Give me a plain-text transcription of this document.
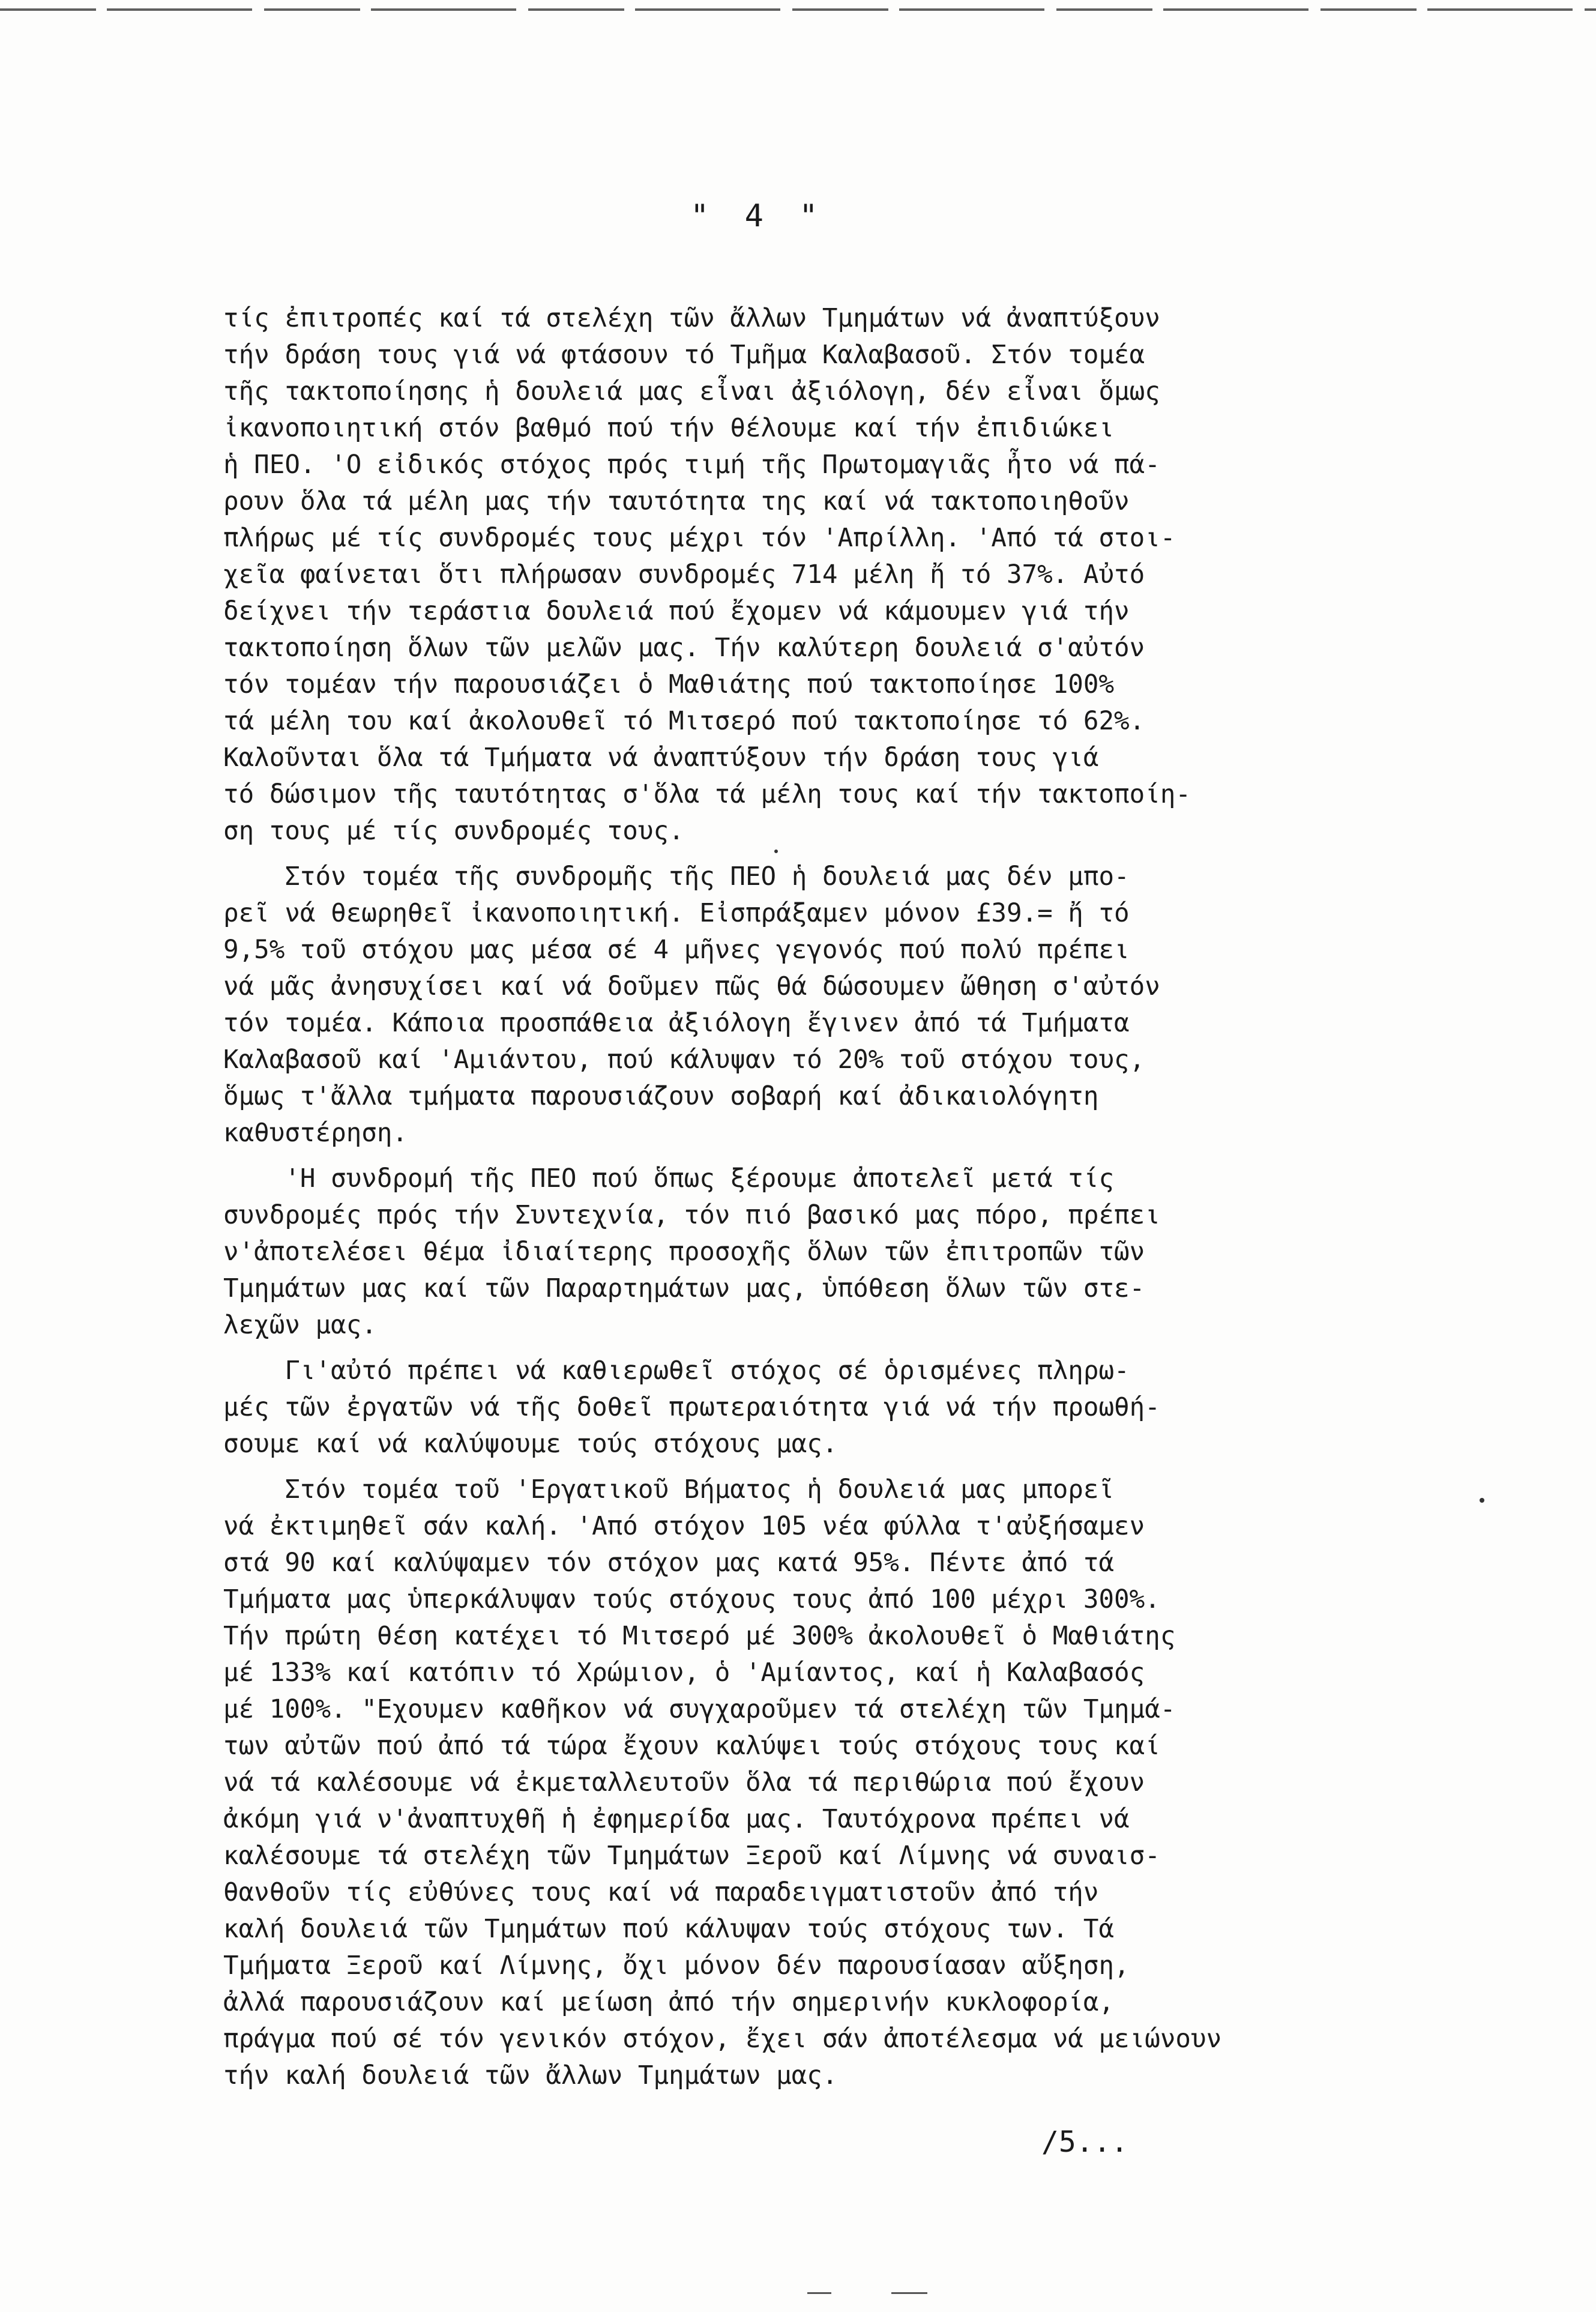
" 4 "
τίς ἐπιτροπές καί τά στελέχη τῶν ἄλλων Τμημάτων νά ἀναπτύξουν
τήν δράση τους γιά νά φτάσουν τό Τμῆμα Καλαβασοῦ. Στόν τομέα
τῆς τακτοποίησης ἡ δουλειά μας εἶναι ἀξιόλογη, δέν εἶναι ὅμως
ἰκανοποιητική στόν βαθμό πού τήν θέλουμε καί τήν ἐπιδιώκει
ἡ ΠΕΟ. 'Ο εἰδικός στόχος πρός τιμή τῆς Πρωτομαγιᾶς ἦτο νά πά-
ρουν ὅλα τά μέλη μας τήν ταυτότητα της καί νά τακτοποιηθοῦν
πλήρως μέ τίς συνδρομές τους μέχρι τόν 'Απρίλλη. 'Από τά στοι-
χεῖα φαίνεται ὅτι πλήρωσαν συνδρομές 714 μέλη ἤ τό 37%. Αὐτό
δείχνει τήν τεράστια δουλειά πού ἔχομεν νά κάμουμεν γιά τήν
τακτοποίηση ὅλων τῶν μελῶν μας. Τήν καλύτερη δουλειά σ'αὐτόν
τόν τομέαν τήν παρουσιάζει ὁ Μαθιάτης πού τακτοποίησε 100%
τά μέλη του καί ἀκολουθεῖ τό Μιτσερό πού τακτοποίησε τό 62%.
Καλοῦνται ὅλα τά Τμήματα νά ἀναπτύξουν τήν δράση τους γιά
τό δώσιμον τῆς ταυτότητας σ'ὅλα τά μέλη τους καί τήν τακτοποίη-
ση τους μέ τίς συνδρομές τους.
Στόν τομέα τῆς συνδρομῆς τῆς ΠΕΟ ἡ δουλειά μας δέν μπο-
ρεῖ νά θεωρηθεῖ ἰκανοποιητική. Εἰσπράξαμεν μόνον £39.= ἤ τό
9,5% τοῦ στόχου μας μέσα σέ 4 μῆνες γεγονός πού πολύ πρέπει
νά μᾶς ἀνησυχίσει καί νά δοῦμεν πῶς θά δώσουμεν ὤθηση σ'αὐτόν
τόν τομέα. Κάποια προσπάθεια ἀξιόλογη ἔγινεν ἀπό τά Τμήματα
Καλαβασοῦ καί 'Αμιάντου, πού κάλυψαν τό 20% τοῦ στόχου τους,
ὅμως τ'ἄλλα τμήματα παρουσιάζουν σοβαρή καί ἀδικαιολόγητη
καθυστέρηση.
'Η συνδρομή τῆς ΠΕΟ πού ὅπως ξέρουμε ἀποτελεῖ μετά τίς
συνδρομές πρός τήν Συντεχνία, τόν πιό βασικό μας πόρο, πρέπει
ν'ἀποτελέσει θέμα ἰδιαίτερης προσοχῆς ὅλων τῶν ἐπιτροπῶν τῶν
Τμημάτων μας καί τῶν Παραρτημάτων μας, ὑπόθεση ὅλων τῶν στε-
λεχῶν μας.
Γι'αὐτό πρέπει νά καθιερωθεῖ στόχος σέ ὁρισμένες πληρω-
μές τῶν ἐργατῶν νά τῆς δοθεῖ πρωτεραιότητα γιά νά τήν προωθή-
σουμε καί νά καλύψουμε τούς στόχους μας.
Στόν τομέα τοῦ 'Εργατικοῦ Βήματος ἡ δουλειά μας μπορεῖ
νά ἐκτιμηθεῖ σάν καλή. 'Από στόχον 105 νέα φύλλα τ'αὐξήσαμεν
στά 90 καί καλύψαμεν τόν στόχον μας κατά 95%. Πέντε ἀπό τά
Τμήματα μας ὑπερκάλυψαν τούς στόχους τους ἀπό 100 μέχρι 300%.
Τήν πρώτη θέση κατέχει τό Μιτσερό μέ 300% ἀκολουθεῖ ὁ Μαθιάτης
μέ 133% καί κατόπιν τό Χρώμιον, ὁ 'Αμίαντος, καί ἡ Καλαβασός
μέ 100%. "Εχουμεν καθῆκον νά συγχαροῦμεν τά στελέχη τῶν Τμημά-
των αὐτῶν πού ἀπό τά τώρα ἔχουν καλύψει τούς στόχους τους καί
νά τά καλέσουμε νά ἐκμεταλλευτοῦν ὅλα τά περιθώρια πού ἔχουν
ἀκόμη γιά ν'ἀναπτυχθῆ ἡ ἐφημερίδα μας. Ταυτόχρονα πρέπει νά
καλέσουμε τά στελέχη τῶν Τμημάτων Ξεροῦ καί Λίμνης νά συναισ-
θανθοῦν τίς εὐθύνες τους καί νά παραδειγματιστοῦν ἀπό τήν
καλή δουλειά τῶν Τμημάτων πού κάλυψαν τούς στόχους των. Τά
Τμήματα Ξεροῦ καί Λίμνης, ὄχι μόνον δέν παρουσίασαν αὔξηση,
ἀλλά παρουσιάζουν καί μείωση ἀπό τήν σημερινήν κυκλοφορία,
πράγμα πού σέ τόν γενικόν στόχον, ἔχει σάν ἀποτέλεσμα νά μειώνουν
τήν καλή δουλειά τῶν ἄλλων Τμημάτων μας.
/5...
